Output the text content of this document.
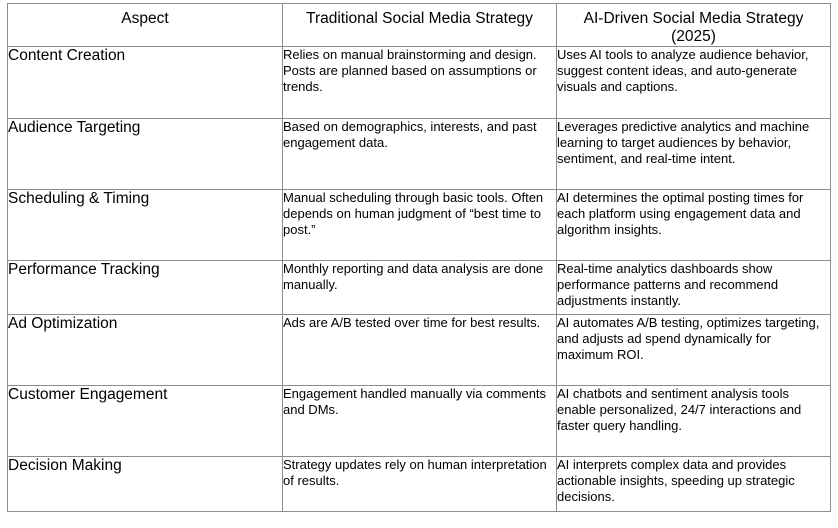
Aspect	Traditional Social Media Strategy	AI-Driven Social Media Strategy (2025)
Content Creation	Relies on manual brainstorming and design. Posts are planned based on assumptions or trends.	Uses AI tools to analyze audience behavior, suggest content ideas, and auto-generate visuals and captions.
Audience Targeting	Based on demographics, interests, and past engagement data.	Leverages predictive analytics and machine learning to target audiences by behavior, sentiment, and real-time intent.
Scheduling & Timing	Manual scheduling through basic tools. Often depends on human judgment of “best time to post.”	AI determines the optimal posting times for each platform using engagement data and algorithm insights.
Performance Tracking	Monthly reporting and data analysis are done manually.	Real-time analytics dashboards show performance patterns and recommend adjustments instantly.
Ad Optimization	Ads are A/B tested over time for best results.	AI automates A/B testing, optimizes targeting, and adjusts ad spend dynamically for maximum ROI.
Customer Engagement	Engagement handled manually via comments and DMs.	AI chatbots and sentiment analysis tools enable personalized, 24/7 interactions and faster query handling.
Decision Making	Strategy updates rely on human interpretation of results.	AI interprets complex data and provides actionable insights, speeding up strategic decisions.
